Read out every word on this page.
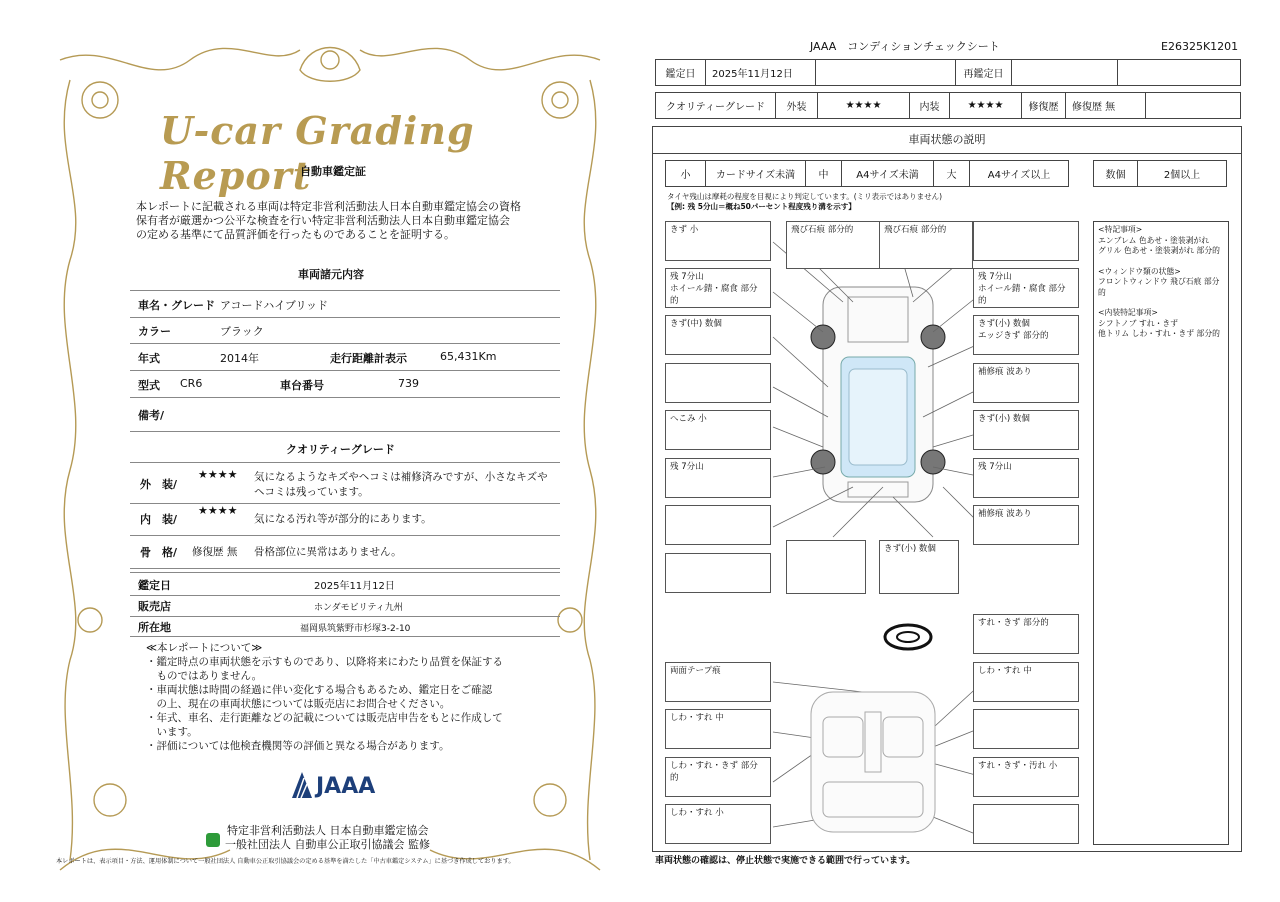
U-car Grading Report
自動車鑑定証
本レポートに記載される車両は特定非営利活動法人日本自動車鑑定協会の資格
保有者が厳選かつ公平な検査を行い特定非営利活動法人日本自動車鑑定協会
の定める基準にて品質評価を行ったものであることを証明する。
車両諸元内容
車名・グレード アコードハイブリッド
カラー	ブラック
年式	2014年	走行距離計表示	65,431Km
型式 CR6	車台番号	739
備考/
クオリティーグレード
外　装/
★★★★ 気になるようなキズやヘコミは補修済みですが、小さなキズや
ヘコミは残っています。
内　装/
★★★★
気になる汚れ等が部分的にあります。
骨　格/ 修復歴 無 骨格部位に異常はありません。
鑑定日	2025年11月12日
販売店	ホンダモビリティ九州
所在地	福岡県筑紫野市杉塚3-2-10
≪本レポートについて≫
・鑑定時点の車両状態を示すものであり、以降将来にわたり品質を保証する
　ものではありません。
・車両状態は時間の経過に伴い変化する場合もあるため、鑑定日をご確認
　の上、現在の車両状態については販売店にお問合せください。
・年式、車名、走行距離などの記載については販売店申告をもとに作成して
　います。
・評価については他検査機関等の評価と異なる場合があります。
JAAA
特定非営利活動法人 日本自動車鑑定協会
一般社団法人 自動車公正取引協議会 監修
本レポートは、表示項目・方法、運用体制について一般社団法人 自動車公正取引協議会の定める基準を満たした「中古車鑑定システム」に基づき作成しております。
JAAA　コンディションチェックシート	E26325K1201
鑑定日	2025年11月12日	再鑑定日
クオリティーグレード	外装	★★★★	内装	★★★★	修復歴	修復歴 無
車両状態の説明
小	カードサイズ未満	中	A4サイズ未満	大	A4サイズ以上	数個	2個以上
タイヤ残山は摩耗の程度を目視により判定しています。(ミリ表示ではありません)
【例: 残 5分山＝概ね50パーセント程度残り溝を示す】
きず 小	飛び石痕 部分的	飛び石痕 部分的
残 7分山
ホイール錆・腐食 部分的
残 7分山
ホイール錆・腐食 部分的
きず(中) 数個	きず(小) 数個
エッジきず 部分的
補修痕 波あり
へこみ 小	きず(小) 数個
残 7分山	残 7分山
補修痕 波あり
きず(小) 数個
すれ・きず 部分的
両面テープ痕	しわ・すれ 中
しわ・すれ 中
しわ・すれ・きず 部分的
すれ・きず・汚れ 小
しわ・すれ 小
<特記事項>
エンブレム 色あせ・塗装剥がれ
グリル 色あせ・塗装剥がれ 部分的
<ウィンドウ類の状態>
フロントウィンドウ 飛び石痕 部分的
<内装特記事項>
シフトノブ すれ・きず
他トリム しわ・すれ・きず 部分的
車両状態の確認は、停止状態で実施できる範囲で行っています。
